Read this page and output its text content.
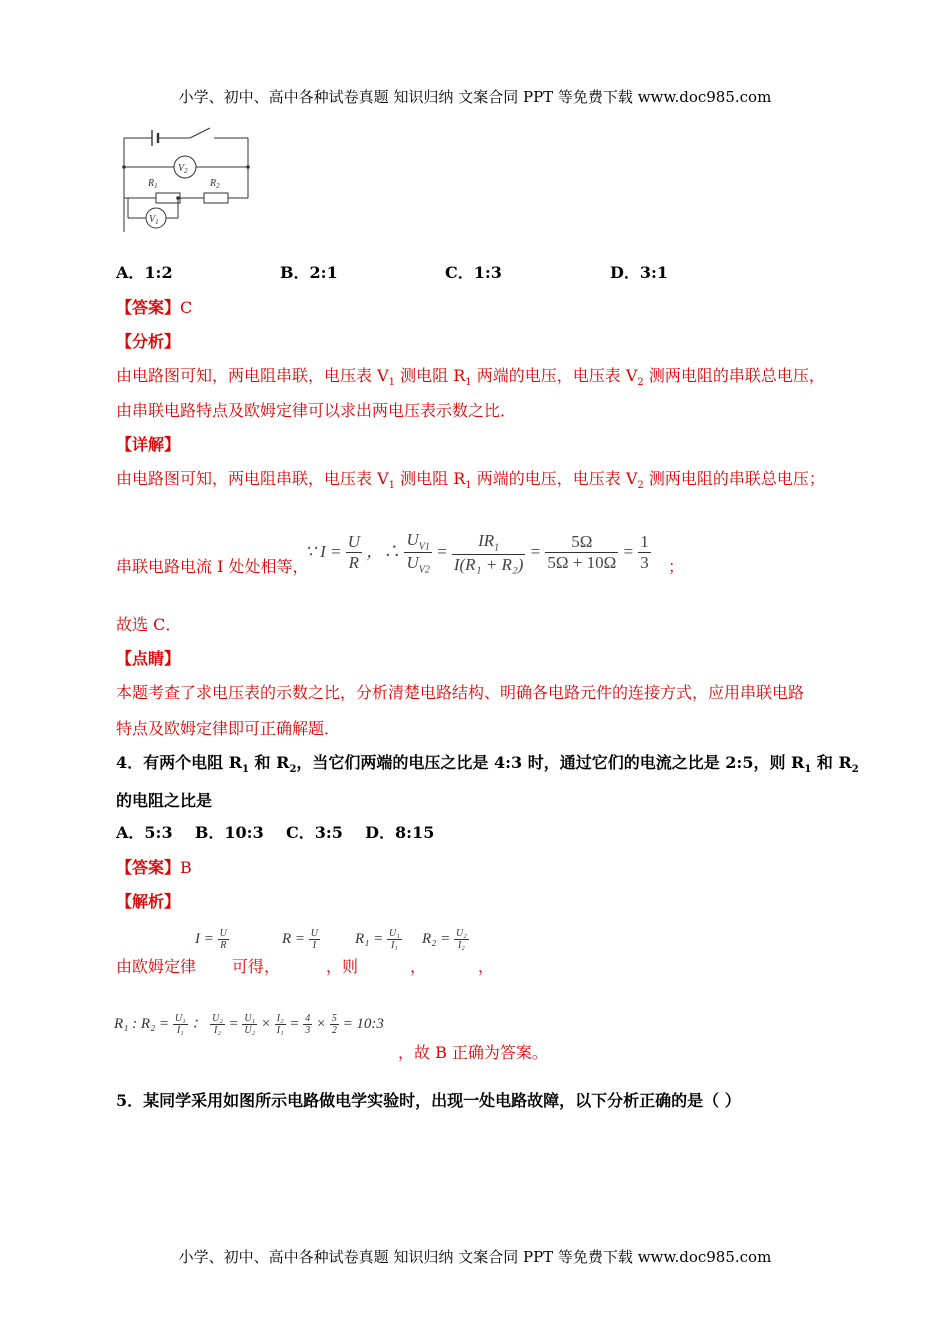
小学、初中、高中各种试卷真题 知识归纳 文案合同 PPT 等免费下载 www.doc985.com
$V_2$
$V_1$
$R_1$	$R_2$
A．1:2	B．2:1	C．1:3	D．3:1
【答案】C
【分析】
由电路图可知，两电阻串联，电压表 $V_1$ 测电阻 $R_1$ 两端的电压，电压表 $V_2$ 测两电阻的串联总电压，
由串联电路特点及欧姆定律可以求出两电压表示数之比．
【详解】
由电路图可知，两电阻串联，电压表 $V_1$ 测电阻 $R_1$ 两端的电压，电压表 $V_2$ 测两电阻的串联总电压；
串联电路电流 I 处处相等，
∵ $I = \frac{U}{R}$ ，∴ $\frac{U_{V1}}{U_{V2}} = \frac{IR_1}{\text{I(R₁ + R₂)}} = \frac{5\Omega}{5\Omega + 10\Omega} = \frac{1}{3}$ ；
故选 C．
【点睛】
本题考查了求电压表的示数之比，分析清楚电路结构、明确各电路元件的连接方式，应用串联电路
特点及欧姆定律即可正确解题．
4．有两个电阻 $R_1$ 和 $R_2$，当它们两端的电压之比是 4:3 时，通过它们的电流之比是 2:5，则 $R_1$ 和 $R_2$
的电阻之比是
A．5:3    B．10:3    C．3:5    D．8:15
【答案】B
【解析】
由欧姆定律
$I = \frac{U}{R}$
可得，
$R = \frac{U}{I}$
，则
$R_1 = \frac{\text{U₁}}{\text{I₁}}$
，
$R_2 = \frac{\text{U₂}}{\text{I₂}}$
，
R₁ : $R_2 = \frac{\text{U₁}}{\text{I₁}}$ ： $\frac{\text{U₂}}{\text{I₂}} = \frac{\text{U₁}}{\text{U₂}} \times \frac{\text{I₂}}{\text{I₁}} = \frac{4}{3} \times \frac{5}{2}$ = 10:3
，故 B 正确为答案。
5．某同学采用如图所示电路做电学实验时，出现一处电路故障，以下分析正确的是（ ）
小学、初中、高中各种试卷真题 知识归纳 文案合同 PPT 等免费下载 www.doc985.com
